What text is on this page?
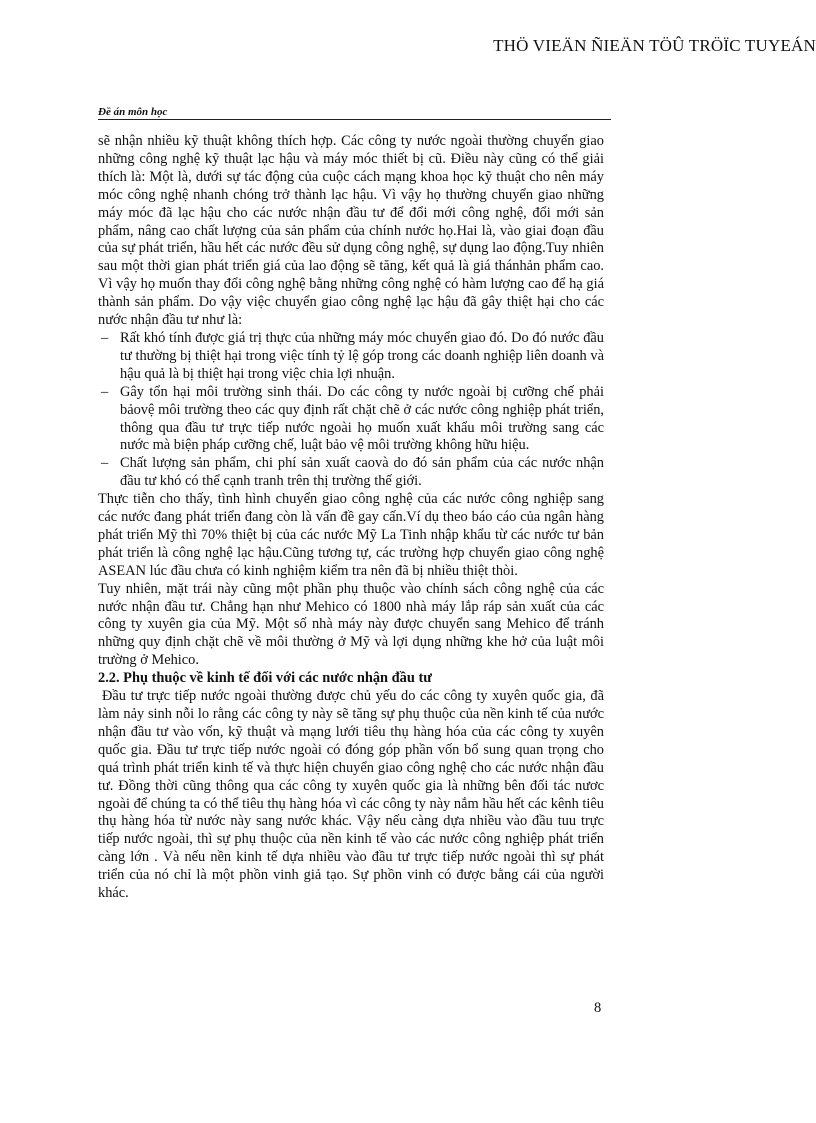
THÖ VIEÄN ÑIEÄN TÖÛ TRÖÏC TUYEÁN
Đề án môn học

sẽ nhận nhiều kỹ thuật không thích hợp. Các công ty nước ngoài thường chuyển giao những công nghệ kỹ thuật lạc hậu và máy móc thiết bị cũ. Điều này cũng có thể giải thích là: Một là, dưới sự tác động của cuộc cách mạng khoa học kỹ thuật cho nên máy móc công nghệ nhanh chóng trở thành lạc hậu. Vì vậy họ thường chuyển giao những máy móc đã lạc hậu cho các nước nhận đầu tư để đổi mới công nghệ, đổi mới sản phẩm, nâng cao chất lượng của sản phẩm của chính nước họ.Hai là, vào giai đoạn đầu của sự phát triển, hầu hết các nước đều sử dụng công nghệ, sự dụng lao động.Tuy nhiên sau một thời gian phát triển giá của lao động sẽ tăng, kết quả là giá thánhản phẩm cao. Vì vậy họ muốn thay đổi công nghệ bằng những công nghệ có hàm lượng cao để hạ giá thành sản phẩm. Do vậy việc chuyển giao công nghệ lạc hậu đã gây thiệt hại cho các nước nhận đầu tư như là:

– Rất khó tính được giá trị thực của những máy móc chuyển giao đó. Do đó nước đầu tư thường bị thiệt hại trong việc tính tỷ lệ góp trong các doanh nghiệp liên doanh và hậu quả là bị thiệt hại trong việc chia lợi nhuận.
– Gây tổn hại môi trường sinh thái. Do các công ty nước ngoài bị cưỡng chế phải bảovệ môi trường theo các quy định rất chặt chẽ ở các nước công nghiệp phát triển, thông qua đầu tư trực tiếp nước ngoài họ muốn xuất khẩu môi trường sang các nước mà biện pháp cưỡng chế, luật bảo vệ môi trường không hữu hiệu.
– Chất lượng sản phẩm, chi phí sản xuất caovà do đó sản phẩm của các nước nhận đầu tư khó có thể cạnh tranh trên thị trường thế giới.

Thực tiễn cho thấy, tình hình chuyển giao công nghệ của các nước công nghiệp sang các nước đang phát triển đang còn là vấn đề gay cấn.Ví dụ theo báo cáo của ngân hàng phát triển Mỹ thì 70% thiệt bị của các nước Mỹ La Tinh nhập khẩu từ các nước tư bản phát triển là công nghệ lạc hậu.Cũng tương tự, các trường hợp chuyển giao công nghệ ASEAN lúc đầu chưa có kinh nghiệm kiểm tra nên đã bị nhiều thiệt thòi.

Tuy nhiên, mặt trái này cũng một phần phụ thuộc vào chính sách công nghệ của các nước nhận đầu tư. Chẳng hạn như Mehico có 1800 nhà máy lắp ráp sản xuất của các công ty xuyên gia của Mỹ. Một số nhà máy này được chuyển sang Mehico để tránh những quy định chặt chẽ về môi thường ở Mỹ và lợi dụng những khe hở của luật môi trường ở Mehico.

2.2. Phụ thuộc về kinh tế đối với các nước nhận đầu tư

Đầu tư trực tiếp nước ngoài thường được chủ yếu do các công ty xuyên quốc gia, đã làm nảy sinh nỗi lo rằng các công ty này sẽ tăng sự phụ thuộc của nền kinh tế của nước nhận đầu tư vào vốn, kỹ thuật và mạng lưới tiêu thụ hàng hóa của các công ty xuyên quốc gia. Đầu tư trực tiếp nước ngoài có đóng góp phần vốn bổ sung quan trọng cho quá trình phát triển kinh tế và thực hiện chuyển giao công nghệ cho các nước nhận đầu tư. Đồng thời cũng thông qua các công ty xuyên quốc gia là những bên đối tác nươc ngoài để chúng ta có thể tiêu thụ hàng hóa vì các công ty này nắm hầu hết các kênh tiêu thụ hàng hóa từ nước này sang nước khác. Vậy nếu càng dựa nhiều vào đầu tuu trực tiếp nước ngoài, thì sự phụ thuộc của nền kinh tế vào các nước công nghiệp phát triển càng lớn . Và nếu nền kinh tế dựa nhiều vào đầu tư trực tiếp nước ngoài thì sự phát triển của nó chỉ là một phồn vinh giả tạo. Sự phồn vinh có được bằng cái của người khác.

8
